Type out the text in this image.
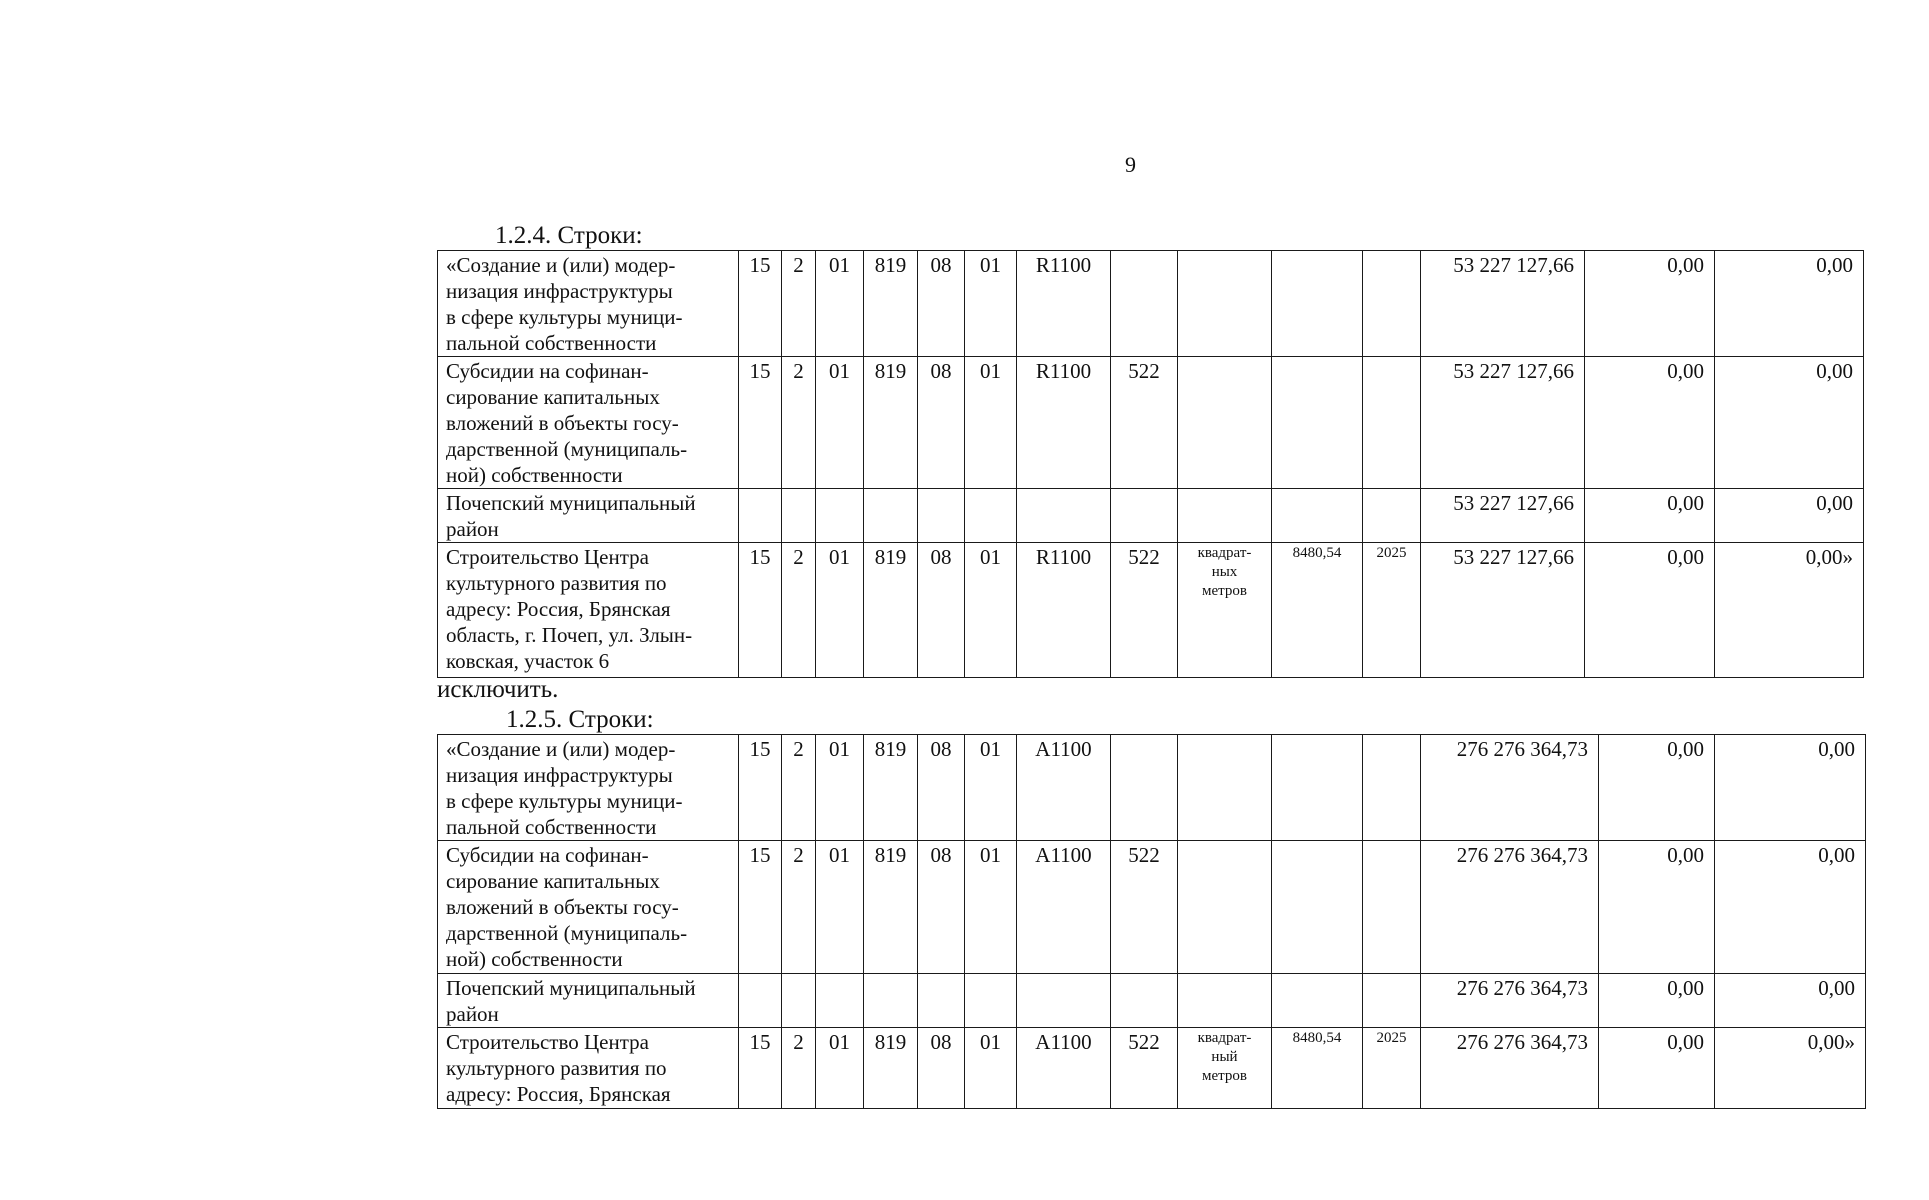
9
1.2.4. Строки:
«Создание и (или) модер-
низация инфраструктуры
в сфере культуры муници-
пальной собственности	15	2	01	819	08	01	R1100					53 227 127,66	0,00	0,00
Субсидии на софинан-
сирование капитальных
вложений в объекты госу-
дарственной (муниципаль-
ной) собственности	15	2	01	819	08	01	R1100	522				53 227 127,66	0,00	0,00
Почепский муниципальный
район												53 227 127,66	0,00	0,00
Строительство Центра
культурного развития по
адресу: Россия, Брянская
область, г. Почеп, ул. Злын-
ковская, участок 6	15	2	01	819	08	01	R1100	522	квадрат-
ных
метров	8480,54	2025	53 227 127,66	0,00	0,00»
исключить.
1.2.5. Строки:
«Создание и (или) модер-
низация инфраструктуры
в сфере культуры муници-
пальной собственности	15	2	01	819	08	01	A1100					276 276 364,73	0,00	0,00
Субсидии на софинан-
сирование капитальных
вложений в объекты госу-
дарственной (муниципаль-
ной) собственности	15	2	01	819	08	01	A1100	522				276 276 364,73	0,00	0,00
Почепский муниципальный
район												276 276 364,73	0,00	0,00
Строительство Центра
культурного развития по
адресу: Россия, Брянская	15	2	01	819	08	01	A1100	522	квадрат-
ный
метров	8480,54	2025	276 276 364,73	0,00	0,00»
